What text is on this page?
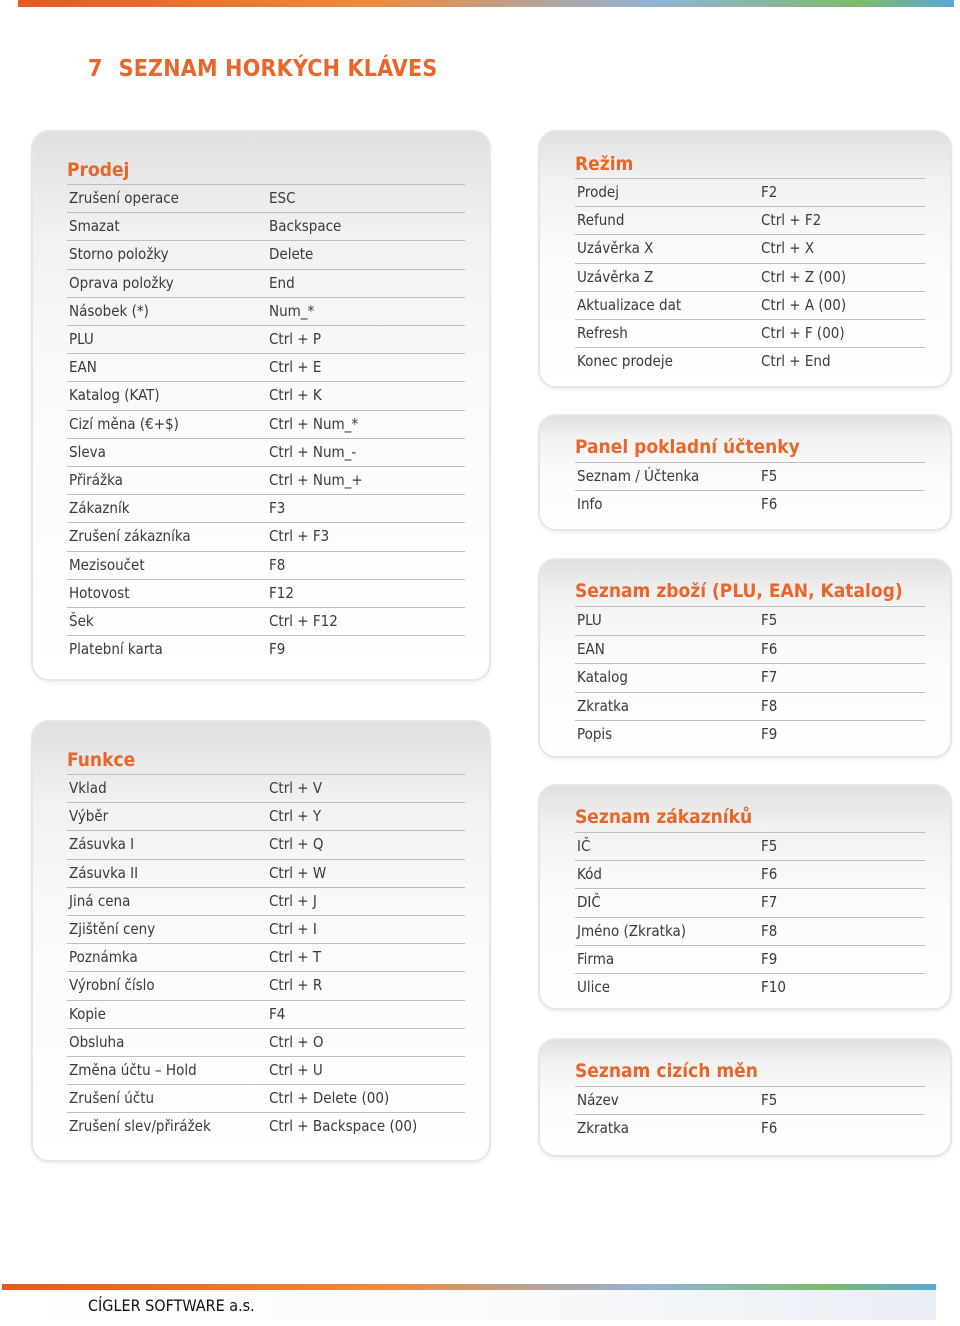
7 SEZNAM HORKÝCH KLÁVES
Prodej
Zrušení operace	ESC
Smazat	Backspace
Storno položky	Delete
Oprava položky	End
Násobek (*)	Num_*
PLU	Ctrl + P
EAN	Ctrl + E
Katalog (KAT)	Ctrl + K
Cizí měna (€+$)	Ctrl + Num_*
Sleva	Ctrl + Num_-
Přirážka	Ctrl + Num_+
Zákazník	F3
Zrušení zákazníka	Ctrl + F3
Mezisoučet	F8
Hotovost	F12
Šek	Ctrl + F12
Platební karta	F9
Funkce
Vklad	Ctrl + V
Výběr	Ctrl + Y
Zásuvka I	Ctrl + Q
Zásuvka II	Ctrl + W
Jiná cena	Ctrl + J
Zjištění ceny	Ctrl + I
Poznámka	Ctrl + T
Výrobní číslo	Ctrl + R
Kopie	F4
Obsluha	Ctrl + O
Změna účtu – Hold	Ctrl + U
Zrušení účtu	Ctrl + Delete (00)
Zrušení slev/přirážek	Ctrl + Backspace (00)
Režim
Prodej	F2
Refund	Ctrl + F2
Uzávěrka X	Ctrl + X
Uzávěrka Z	Ctrl + Z (00)
Aktualizace dat	Ctrl + A (00)
Refresh	Ctrl + F (00)
Konec prodeje	Ctrl + End
Panel pokladní účtenky
Seznam / Účtenka	F5
Info	F6
Seznam zboží (PLU, EAN, Katalog)
PLU	F5
EAN	F6
Katalog	F7
Zkratka	F8
Popis	F9
Seznam zákazníků
IČ	F5
Kód	F6
DIČ	F7
Jméno (Zkratka)	F8
Firma	F9
Ulice	F10
Seznam cizích měn
Název	F5
Zkratka	F6
CÍGLER SOFTWARE a.s.
